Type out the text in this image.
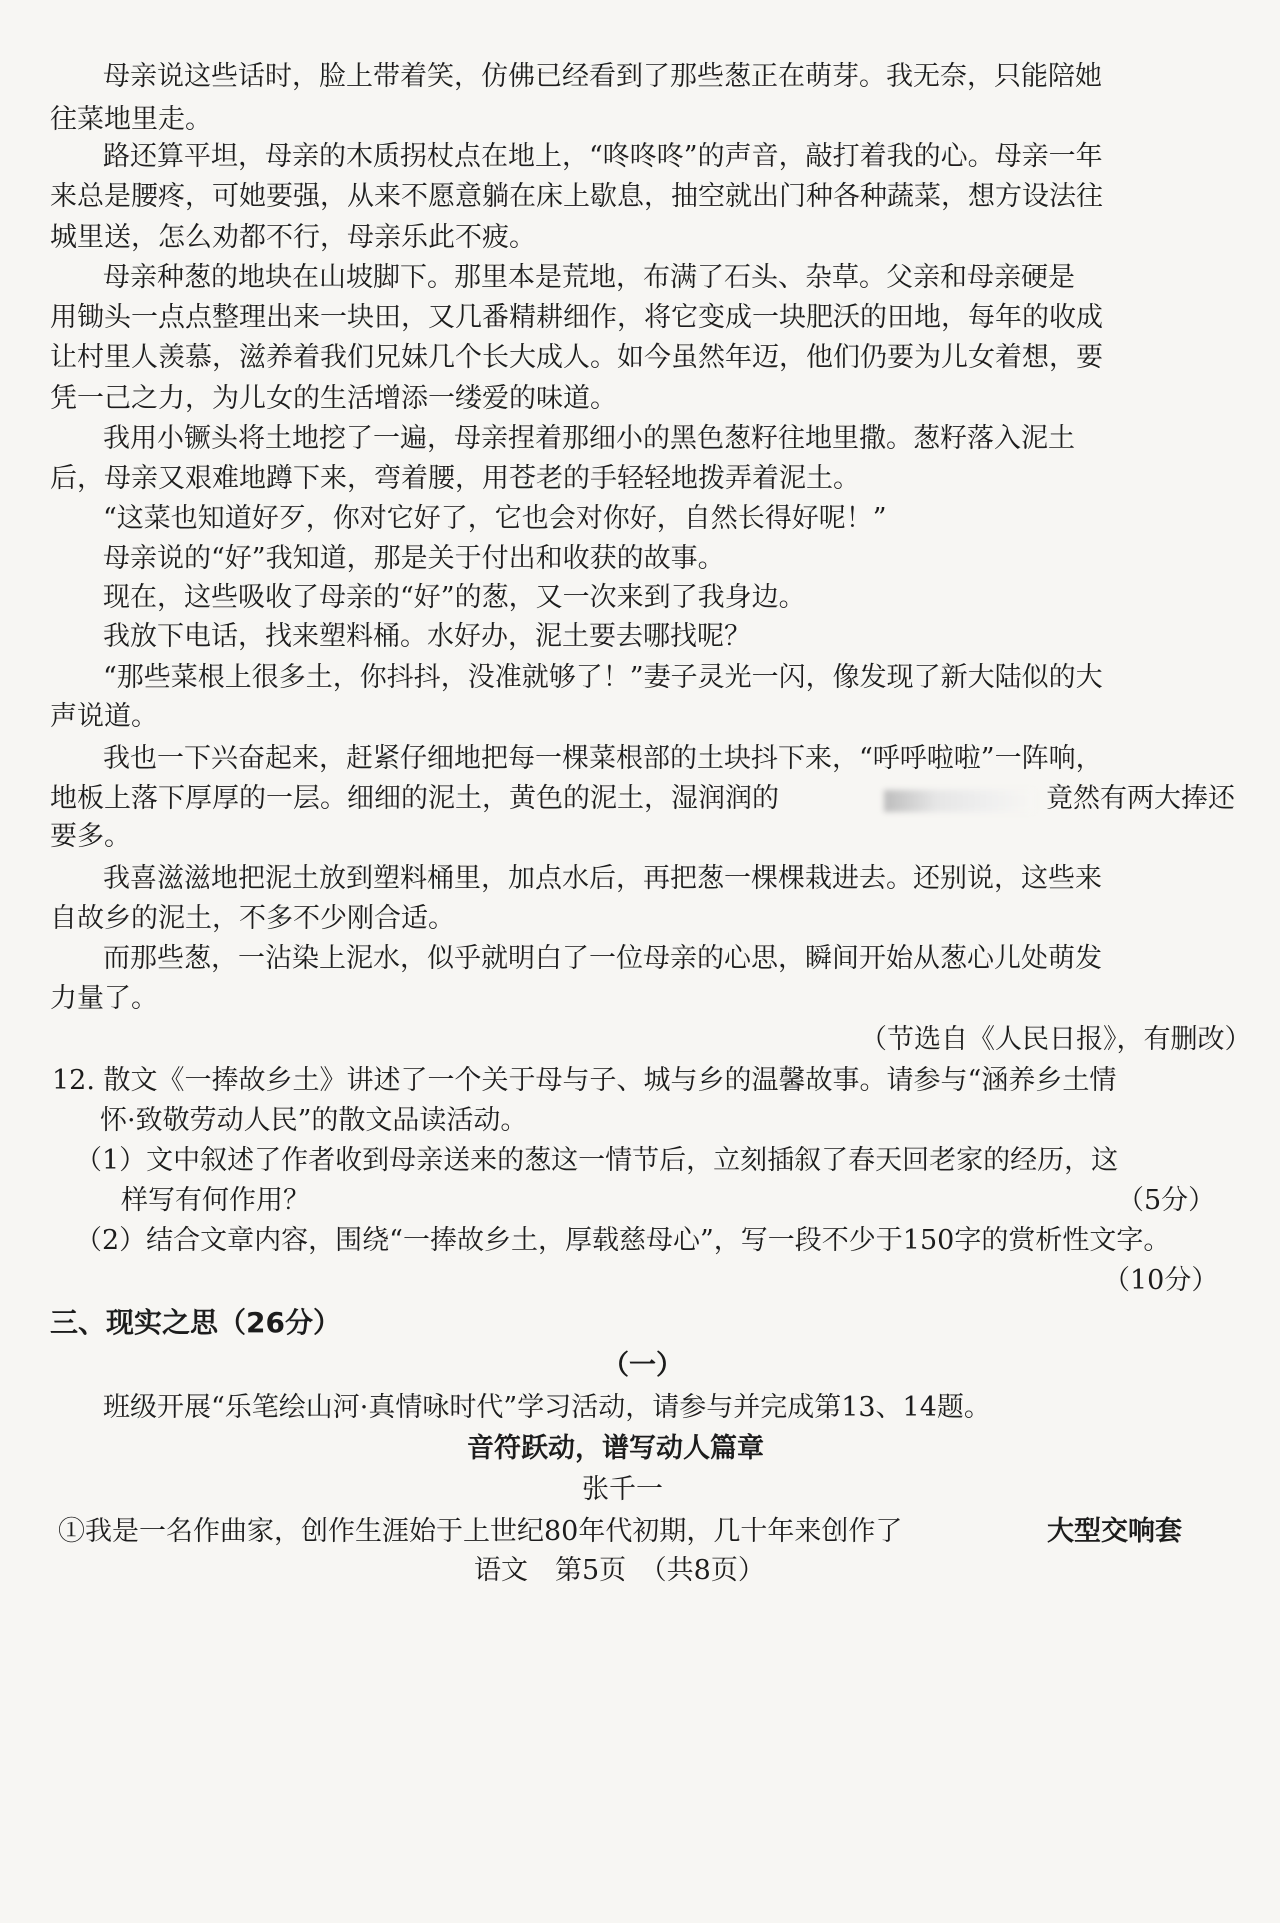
母亲说这些话时，脸上带着笑，仿佛已经看到了那些葱正在萌芽。我无奈，只能陪她
往菜地里走。
路还算平坦，母亲的木质拐杖点在地上，“咚咚咚”的声音，敲打着我的心。母亲一年
来总是腰疼，可她要强，从来不愿意躺在床上歇息，抽空就出门种各种蔬菜，想方设法往
城里送，怎么劝都不行，母亲乐此不疲。
母亲种葱的地块在山坡脚下。那里本是荒地，布满了石头、杂草。父亲和母亲硬是
用锄头一点点整理出来一块田，又几番精耕细作，将它变成一块肥沃的田地，每年的收成
让村里人羡慕，滋养着我们兄妹几个长大成人。如今虽然年迈，他们仍要为儿女着想，要
凭一己之力，为儿女的生活增添一缕爱的味道。
我用小镢头将土地挖了一遍，母亲捏着那细小的黑色葱籽往地里撒。葱籽落入泥土
后，母亲又艰难地蹲下来，弯着腰，用苍老的手轻轻地拨弄着泥土。
“这菜也知道好歹，你对它好了，它也会对你好，自然长得好呢！”
母亲说的“好”我知道，那是关于付出和收获的故事。
现在，这些吸收了母亲的“好”的葱，又一次来到了我身边。
我放下电话，找来塑料桶。水好办，泥土要去哪找呢？
“那些菜根上很多土，你抖抖，没准就够了！”妻子灵光一闪，像发现了新大陆似的大
声说道。
我也一下兴奋起来，赶紧仔细地把每一棵菜根部的土块抖下来，“呼呼啦啦”一阵响，
地板上落下厚厚的一层。细细的泥土，黄色的泥土，湿润润的	竟然有两大捧还
要多。
我喜滋滋地把泥土放到塑料桶里，加点水后，再把葱一棵棵栽进去。还别说，这些来
自故乡的泥土，不多不少刚合适。
而那些葱，一沾染上泥水，似乎就明白了一位母亲的心思，瞬间开始从葱心儿处萌发
力量了。
（节选自《人民日报》，有删改）
12. 散文《一捧故乡土》讲述了一个关于母与子、城与乡的温馨故事。请参与“涵养乡土情
怀·致敬劳动人民”的散文品读活动。
（1）文中叙述了作者收到母亲送来的葱这一情节后，立刻插叙了春天回老家的经历，这
样写有何作用？	（5分）
（2）结合文章内容，围绕“一捧故乡土，厚载慈母心”，写一段不少于150字的赏析性文字。
（10分）
三、现实之思（26分）
（一）
班级开展“乐笔绘山河·真情咏时代”学习活动，请参与并完成第13、14题。
音符跃动，谱写动人篇章
张千一
①我是一名作曲家，创作生涯始于上世纪80年代初期，几十年来创作了	大型交响套
语文　第5页　（共8页）
